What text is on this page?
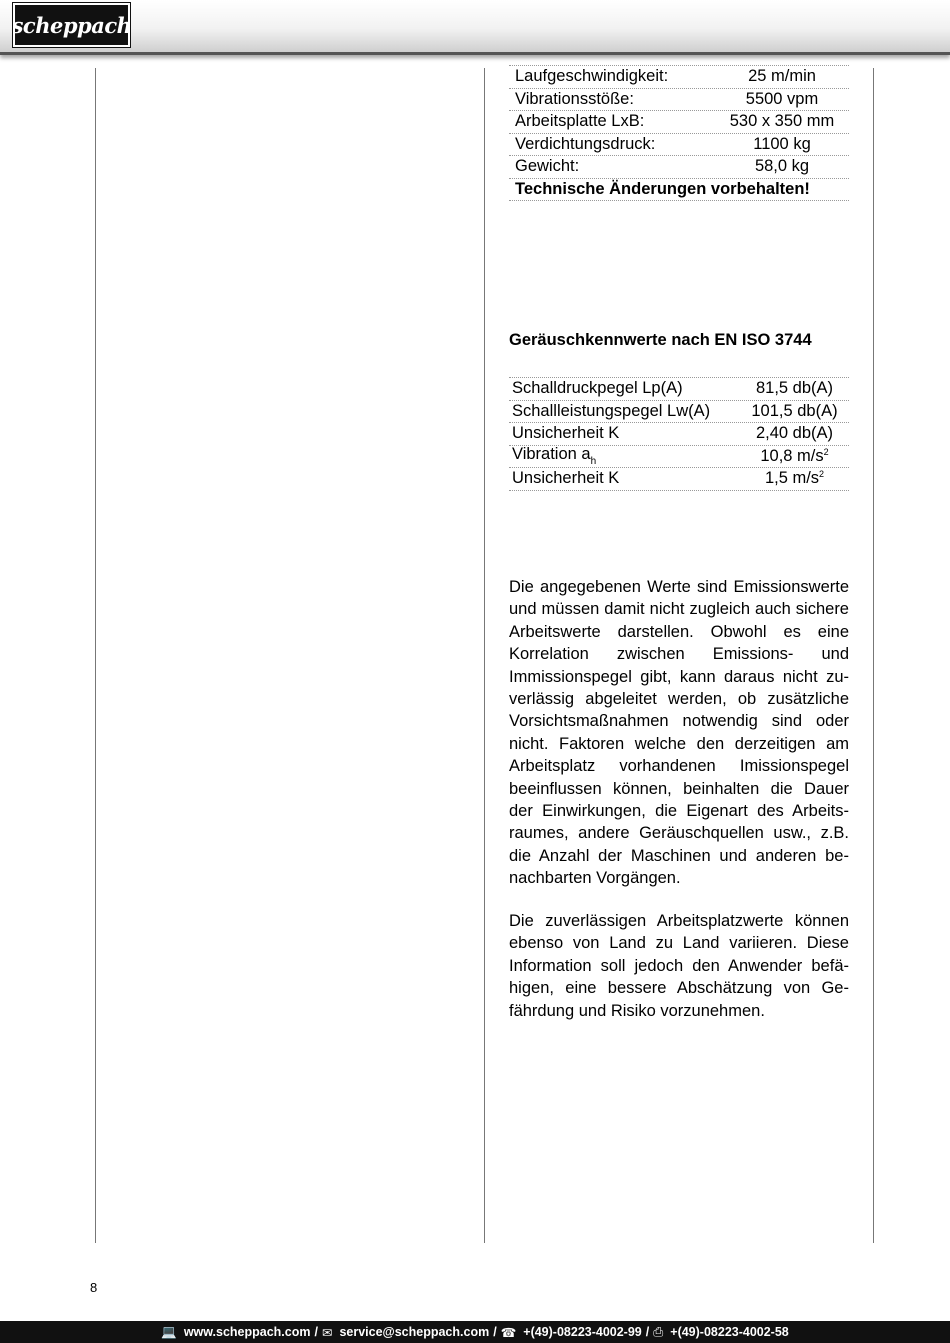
scheppach
Laufgeschwindigkeit:	25 m/min
Vibrationsstöße:	5500 vpm
Arbeitsplatte LxB:	530 x 350 mm
Verdichtungsdruck:	1100 kg
Gewicht:	58,0 kg
Technische Änderungen vorbehalten!
Geräuschkennwerte nach EN ISO 3744
Schalldruckpegel Lp(A)	81,5 db(A)
Schallleistungspegel Lw(A)	101,5 db(A)
Unsicherheit K	2,40 db(A)
Vibration $a_h$	10,8 $m/s^2$
Unsicherheit K	1,5 $m/s^2$
Die angegebenen Werte sind Emissionswerte und müssen damit nicht zugleich auch sichere Arbeitswerte darstellen. Obwohl es eine Korrelation zwischen Emissions- und Immissionspegel gibt, kann daraus nicht zuverlässig abgeleitet werden, ob zusätzliche Vorsichtsmaßnahmen notwendig sind oder nicht. Faktoren welche den derzeitigen am Arbeitsplatz vorhandenen Imissionspegel beeinflussen können, beinhalten die Dauer der Einwirkungen, die Eigenart des Arbeitsraumes, andere Geräuschquellen usw., z.B. die Anzahl der Maschinen und anderen benachbarten Vorgängen.
Die zuverlässigen Arbeitsplatzwerte können ebenso von Land zu Land variieren. Diese Information soll jedoch den Anwender befähigen, eine bessere Abschätzung von Gefährdung und Risiko vorzunehmen.
8
💻 www.scheppach.com / ✉ service@scheppach.com / ☎ +(49)-08223-4002-99 / ⎙ +(49)-08223-4002-58
